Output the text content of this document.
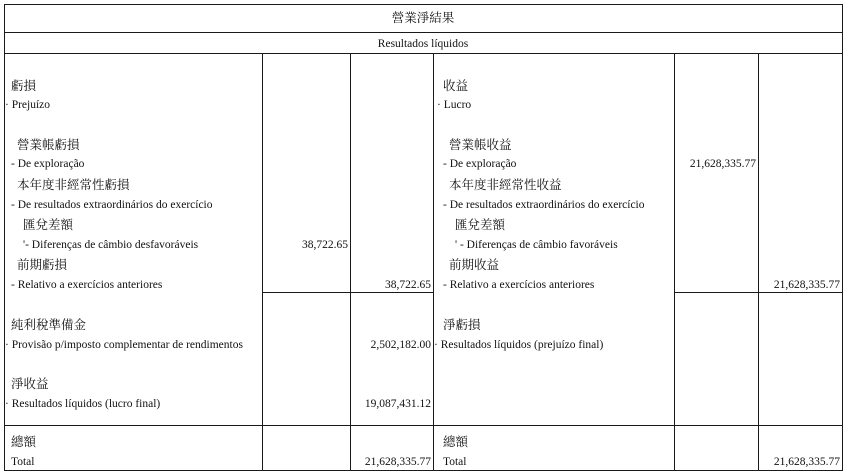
營業淨結果
Resultados líquidos
虧損
· Prejuízo
營業帳虧損
- De exploração
本年度非經常性虧損
- De resultados extraordinários do exercício
匯兌差額
'- Diferenças de câmbio desfavoráveis	38,722.65
前期虧損
- Relativo a exercícios anteriores	38,722.65
純利稅準備金
· Provisão p/imposto complementar de rendimentos	2,502,182.00
淨收益
· Resultados líquidos (lucro final)	19,087,431.12
總額
Total	21,628,335.77
收益
· Lucro
營業帳收益
- De exploração	21,628,335.77
本年度非經常性收益
- De resultados extraordinários do exercício
匯兌差額
' - Diferenças de câmbio favoráveis
前期收益
- Relativo a exercícios anteriores	21,628,335.77
淨虧損
· Resultados líquidos (prejuízo final)
總額
Total	21,628,335.77
